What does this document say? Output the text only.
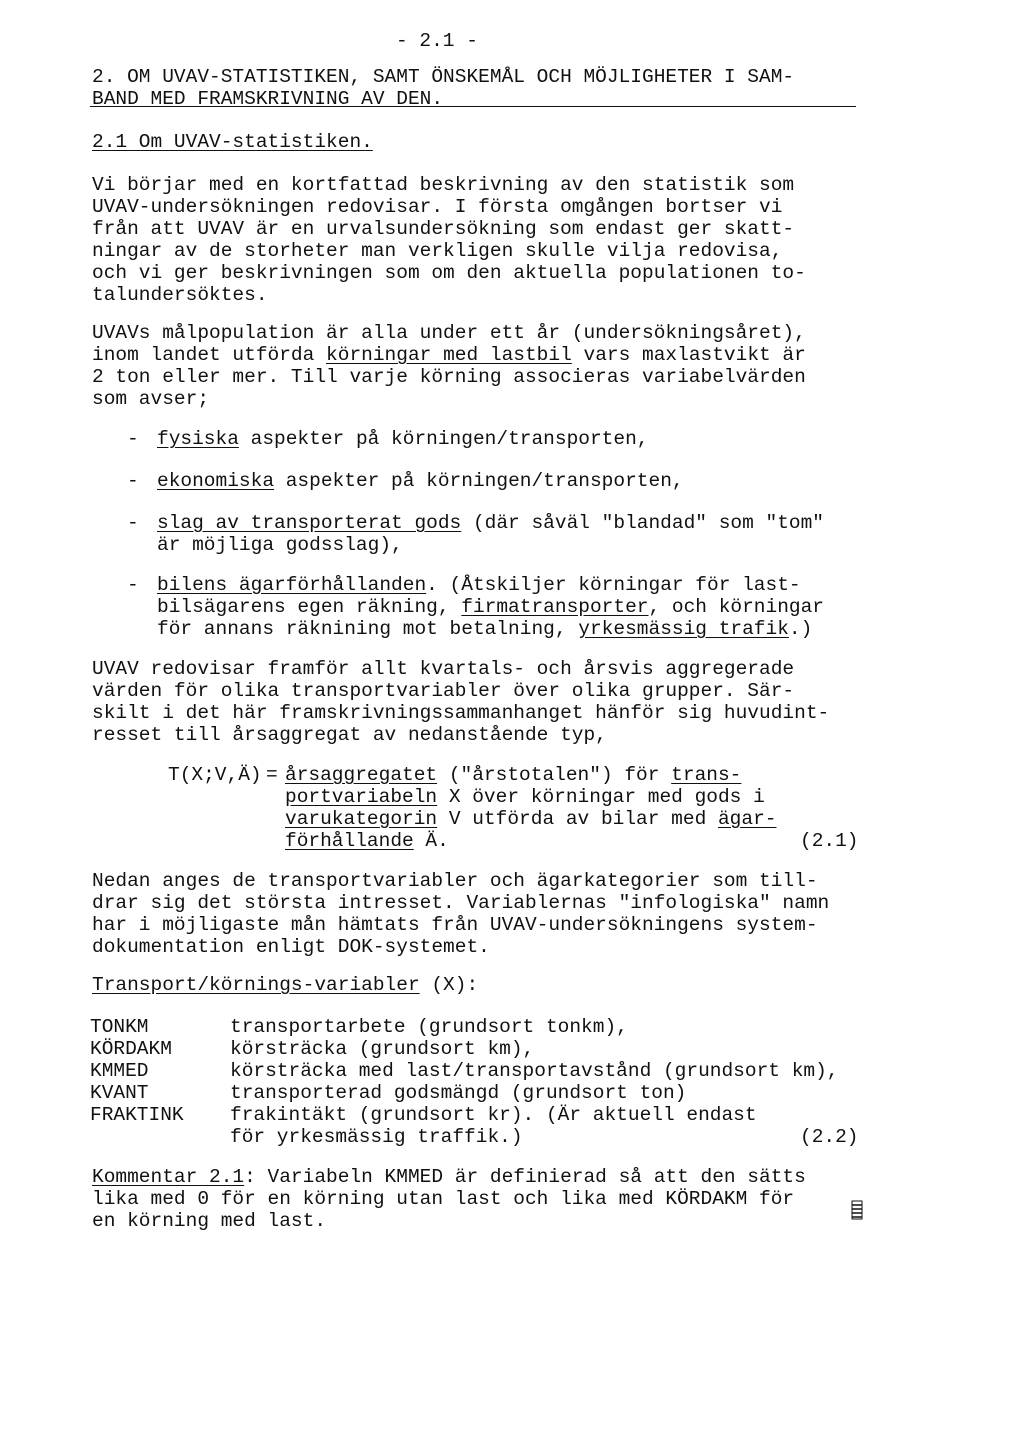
- 2.1 -
2. OM UVAV-STATISTIKEN, SAMT ÖNSKEMÅL OCH MÖJLIGHETER I SAM-
BAND MED FRAMSKRIVNING AV DEN.
2.1 Om UVAV-statistiken.
Vi börjar med en kortfattad beskrivning av den statistik som
UVAV-undersökningen redovisar. I första omgången bortser vi
från att UVAV är en urvalsundersökning som endast ger skatt-
ningar av de storheter man verkligen skulle vilja redovisa,
och vi ger beskrivningen som om den aktuella populationen to-
talundersöktes.
UVAVs målpopulation är alla under ett år (undersökningsåret),
inom landet utförda körningar med lastbil vars maxlastvikt är
2 ton eller mer. Till varje körning associeras variabelvärden
som avser;
- fysiska aspekter på körningen/transporten,
- ekonomiska aspekter på körningen/transporten,
- slag av transporterat gods (där såväl "blandad" som "tom"
är möjliga godsslag),
- bilens ägarförhållanden. (Åtskiljer körningar för last-
bilsägarens egen räkning, firmatransporter, och körningar
för annans räknining mot betalning, yrkesmässig trafik.)
UVAV redovisar framför allt kvartals- och årsvis aggregerade
värden för olika transportvariabler över olika grupper. Sär-
skilt i det här framskrivningssammanhanget hänför sig huvudint-
resset till årsaggregat av nedanstående typ,
T(X;V,Ä) = årsaggregatet ("årstotalen") för trans-
portvariabeln X över körningar med gods i
varukategorin V utförda av bilar med ägar-
förhållande Ä.	(2.1)
Nedan anges de transportvariabler och ägarkategorier som till-
drar sig det största intresset. Variablernas "infologiska" namn
har i möjligaste mån hämtats från UVAV-undersökningens system-
dokumentation enligt DOK-systemet.
Transport/körnings-variabler (X):
TONKM	transportarbete (grundsort tonkm),
KÖRDAKM	körsträcka (grundsort km),
KMMED	körsträcka med last/transportavstånd (grundsort km),
KVANT	transporterad godsmängd (grundsort ton)
FRAKTINK frakintäkt (grundsort kr). (Är aktuell endast
för yrkesmässig traffik.)	(2.2)
Kommentar 2.1: Variabeln KMMED är definierad så att den sätts
lika med 0 för en körning utan last och lika med KÖRDAKM för
en körning med last.
